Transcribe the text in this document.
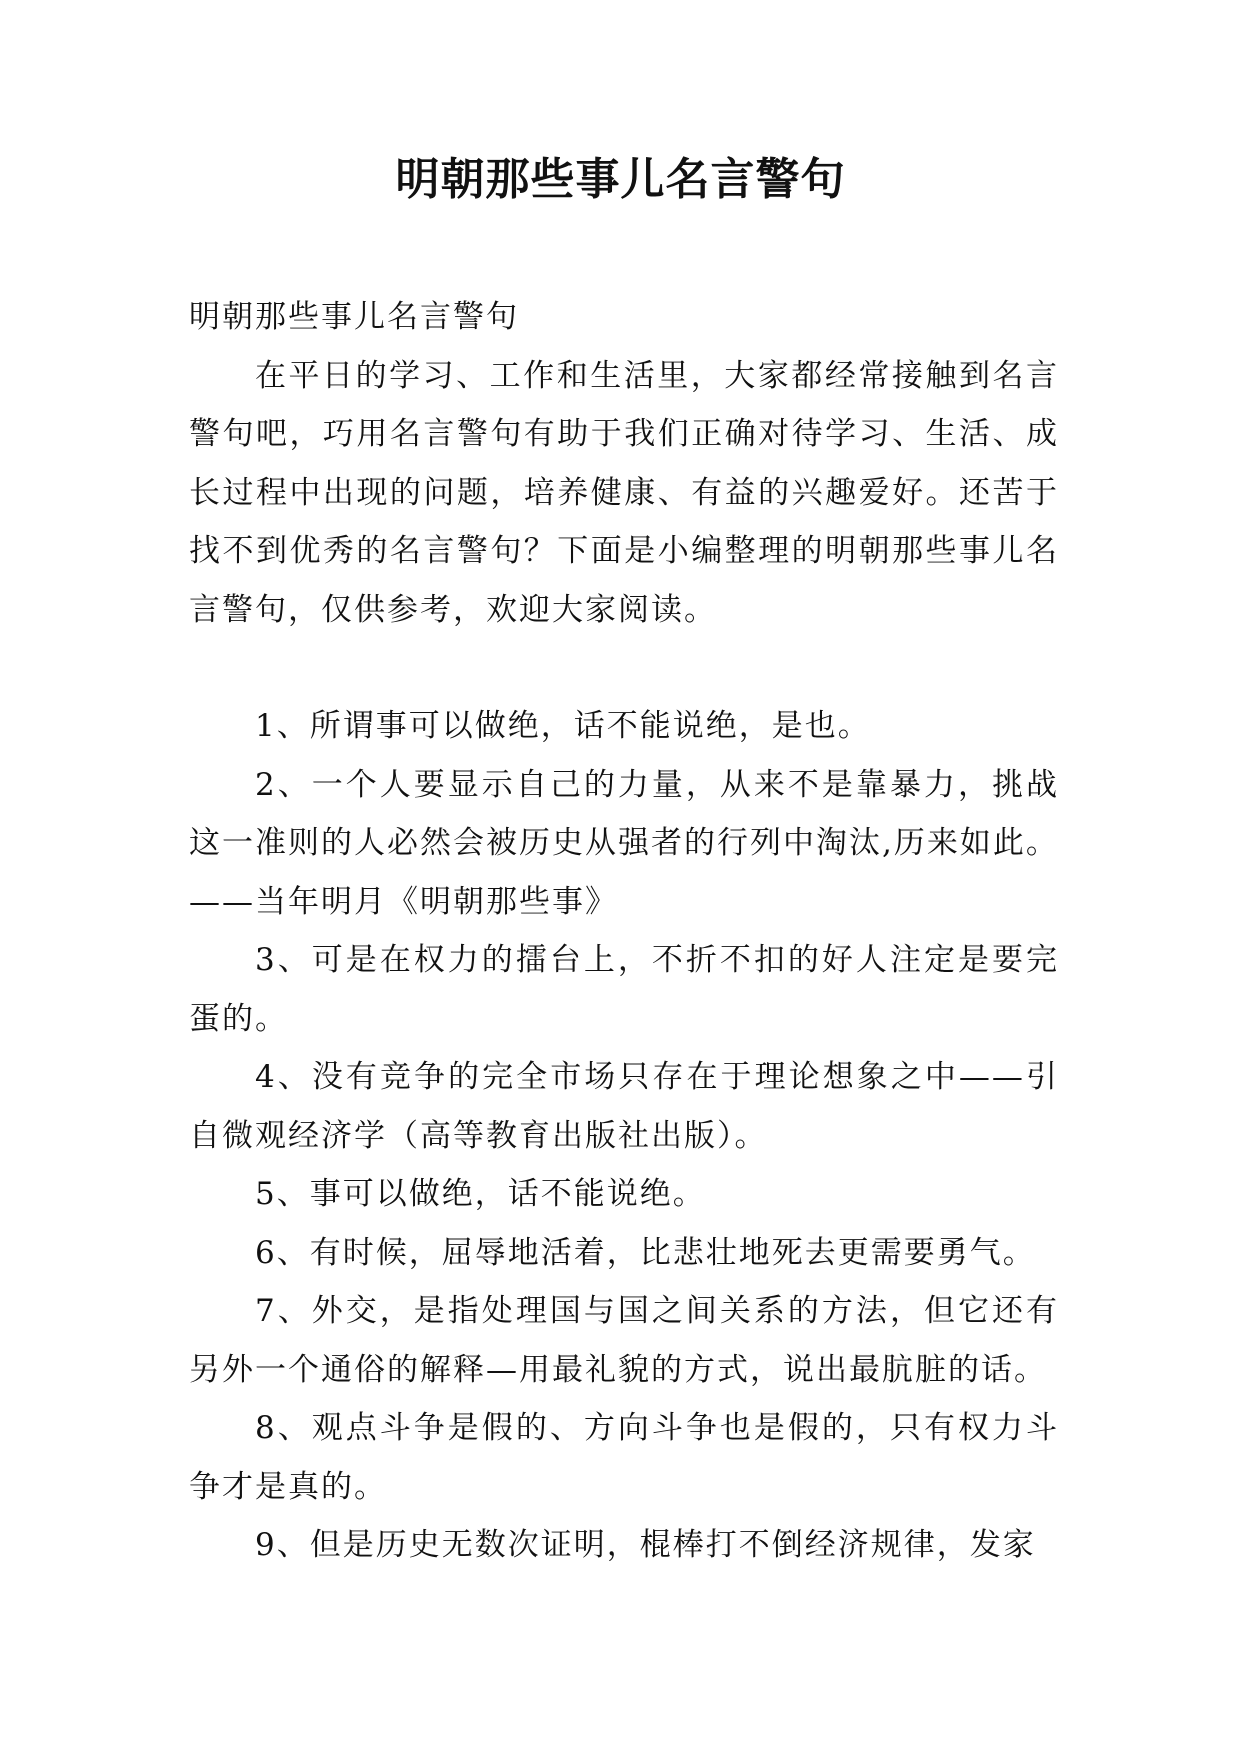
明朝那些事儿名言警句

明朝那些事儿名言警句

在平日的学习、工作和生活里，大家都经常接触到名言警句吧，巧用名言警句有助于我们正确对待学习、生活、成长过程中出现的问题，培养健康、有益的兴趣爱好。还苦于找不到优秀的名言警句？下面是小编整理的明朝那些事儿名言警句，仅供参考，欢迎大家阅读。

1、所谓事可以做绝，话不能说绝，是也。

2、一个人要显示自己的力量，从来不是靠暴力，挑战这一准则的人必然会被历史从强者的行列中淘汰,历来如此。

——当年明月《明朝那些事》

3、可是在权力的擂台上，不折不扣的好人注定是要完蛋的。

4、没有竞争的完全市场只存在于理论想象之中——引自微观经济学（高等教育出版社出版）。

5、事可以做绝，话不能说绝。

6、有时候，屈辱地活着，比悲壮地死去更需要勇气。

7、外交，是指处理国与国之间关系的方法，但它还有另外一个通俗的解释—用最礼貌的方式，说出最肮脏的话。

8、观点斗争是假的、方向斗争也是假的，只有权力斗争才是真的。

9、但是历史无数次证明，棍棒打不倒经济规律，发家
